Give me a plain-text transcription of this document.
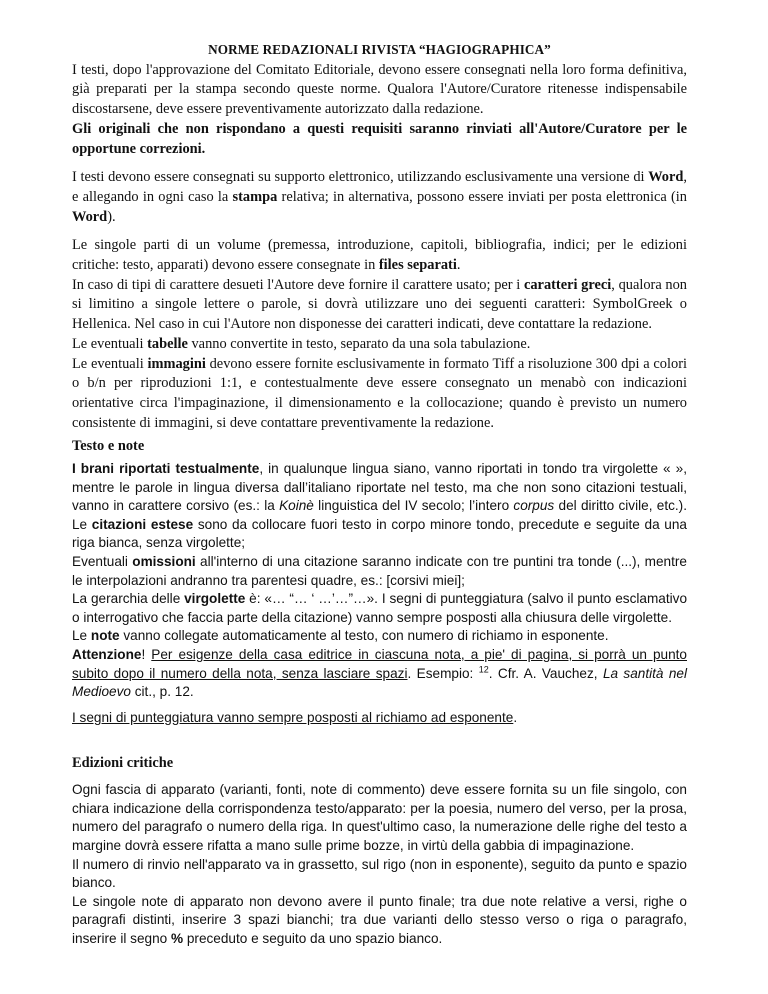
NORME REDAZIONALI RIVISTA “HAGIOGRAPHICA”

I testi, dopo l'approvazione del Comitato Editoriale, devono essere consegnati nella loro forma definitiva, già preparati per la stampa secondo queste norme. Qualora l'Autore/Curatore ritenesse indispensabile discostarsene, deve essere preventivamente autorizzato dalla redazione.
Gli originali che non rispondano a questi requisiti saranno rinviati all'Autore/Curatore per le opportune correzioni.

I testi devono essere consegnati su supporto elettronico, utilizzando esclusivamente una versione di Word, e allegando in ogni caso la stampa relativa; in alternativa, possono essere inviati per posta elettronica (in Word).

Le singole parti di un volume (premessa, introduzione, capitoli, bibliografia, indici; per le edizioni critiche: testo, apparati) devono essere consegnate in files separati.

In caso di tipi di carattere desueti l'Autore deve fornire il carattere usato; per i caratteri greci, qualora non si limitino a singole lettere o parole, si dovrà utilizzare uno dei seguenti caratteri: SymbolGreek o Hellenica. Nel caso in cui l'Autore non disponesse dei caratteri indicati, deve contattare la redazione.

Le eventuali tabelle vanno convertite in testo, separato da una sola tabulazione.

Le eventuali immagini devono essere fornite esclusivamente in formato Tiff a risoluzione 300 dpi a colori o b/n per riproduzioni 1:1, e contestualmente deve essere consegnato un menabò con indicazioni orientative circa l'impaginazione, il dimensionamento e la collocazione; quando è previsto un numero consistente di immagini, si deve contattare preventivamente la redazione.

Testo e note

I brani riportati testualmente, in qualunque lingua siano, vanno riportati in tondo tra virgolette « », mentre le parole in lingua diversa dall’italiano riportate nel testo, ma che non sono citazioni testuali, vanno in carattere corsivo (es.: la Koinè linguistica del IV secolo; l’intero corpus del diritto civile, etc.). Le citazioni estese sono da collocare fuori testo in corpo minore tondo, precedute e seguite da una riga bianca, senza virgolette;

Eventuali omissioni all'interno di una citazione saranno indicate con tre puntini tra tonde (...), mentre le interpolazioni andranno tra parentesi quadre, es.: [corsivi miei];

La gerarchia delle virgolette è: «… “… ‘ …’…”…». I segni di punteggiatura (salvo il punto esclamativo o interrogativo che faccia parte della citazione) vanno sempre posposti alla chiusura delle virgolette.

Le note vanno collegate automaticamente al testo, con numero di richiamo in esponente.
Attenzione! Per esigenze della casa editrice in ciascuna nota, a pie' di pagina, si porrà un punto subito dopo il numero della nota, senza lasciare spazi. Esempio: $^{12}$. Cfr. A. Vauchez, La santità nel Medioevo cit., p. 12.

I segni di punteggiatura vanno sempre posposti al richiamo ad esponente.

Edizioni critiche

Ogni fascia di apparato (varianti, fonti, note di commento) deve essere fornita su un file singolo, con chiara indicazione della corrispondenza testo/apparato: per la poesia, numero del verso, per la prosa, numero del paragrafo o numero della riga. In quest'ultimo caso, la numerazione delle righe del testo a margine dovrà essere rifatta a mano sulle prime bozze, in virtù della gabbia di impaginazione.

Il numero di rinvio nell'apparato va in grassetto, sul rigo (non in esponente), seguito da punto e spazio bianco.

Le singole note di apparato non devono avere il punto finale; tra due note relative a versi, righe o paragrafi distinti, inserire 3 spazi bianchi; tra due varianti dello stesso verso o riga o paragrafo, inserire il segno % preceduto e seguito da uno spazio bianco.
